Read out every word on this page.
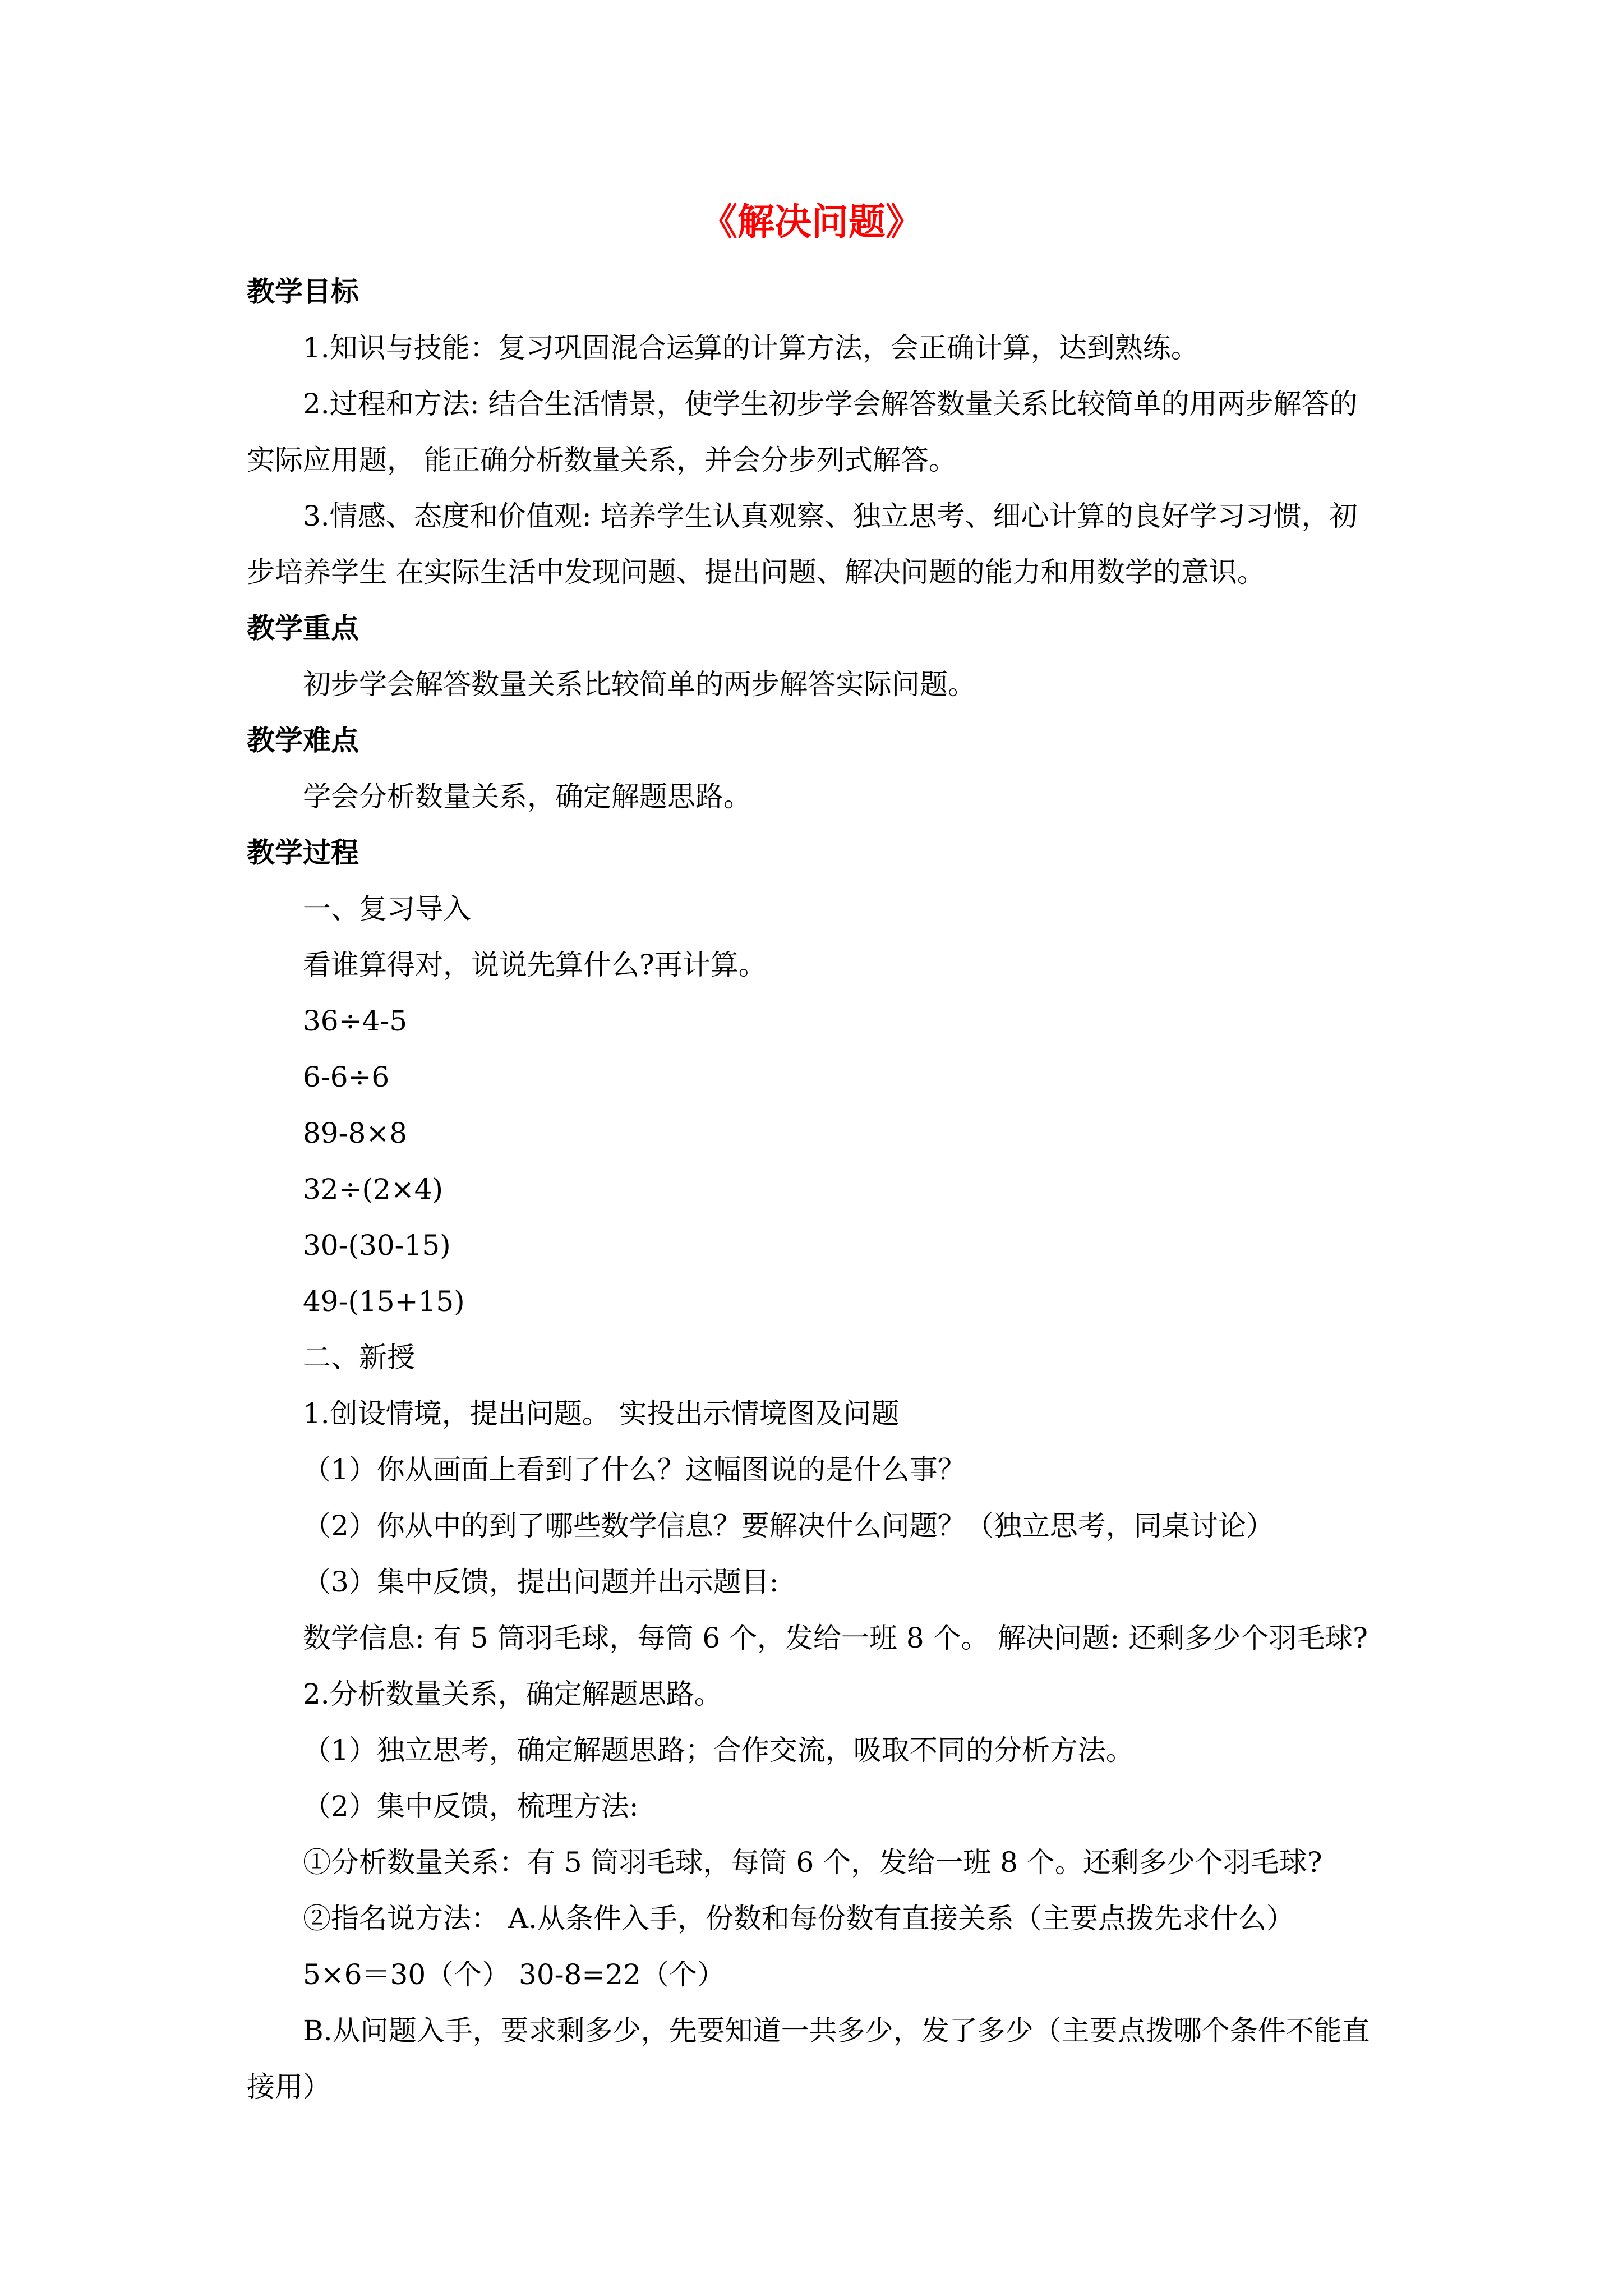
《解决问题》
教学目标
1.知识与技能：复习巩固混合运算的计算方法，会正确计算，达到熟练。
2.过程和方法: 结合生活情景，使学生初步学会解答数量关系比较简单的用两步解答的
实际应用题， 能正确分析数量关系，并会分步列式解答。
3.情感、态度和价值观: 培养学生认真观察、独立思考、细心计算的良好学习习惯，初
步培养学生 在实际生活中发现问题、提出问题、解决问题的能力和用数学的意识。
教学重点
初步学会解答数量关系比较简单的两步解答实际问题。
教学难点
学会分析数量关系，确定解题思路。
教学过程
一、复习导入
看谁算得对，说说先算什么?再计算。
36÷4-5
6-6÷6
89-8×8
32÷(2×4)
30-(30-15)
49-(15+15)
二、新授
1.创设情境，提出问题。 实投出示情境图及问题
（1）你从画面上看到了什么？这幅图说的是什么事？
（2）你从中的到了哪些数学信息？要解决什么问题？（独立思考，同桌讨论）
（3）集中反馈，提出问题并出示题目:
数学信息: 有 5 筒羽毛球，每筒 6 个，发给一班 8 个。 解决问题: 还剩多少个羽毛球?
2.分析数量关系，确定解题思路。
（1）独立思考，确定解题思路；合作交流，吸取不同的分析方法。
（2）集中反馈，梳理方法:
①分析数量关系：有 5 筒羽毛球，每筒 6 个，发给一班 8 个。还剩多少个羽毛球?
②指名说方法： A.从条件入手，份数和每份数有直接关系（主要点拨先求什么）
5×6＝30（个） 30-8=22（个）
B.从问题入手，要求剩多少，先要知道一共多少，发了多少（主要点拨哪个条件不能直
接用）
